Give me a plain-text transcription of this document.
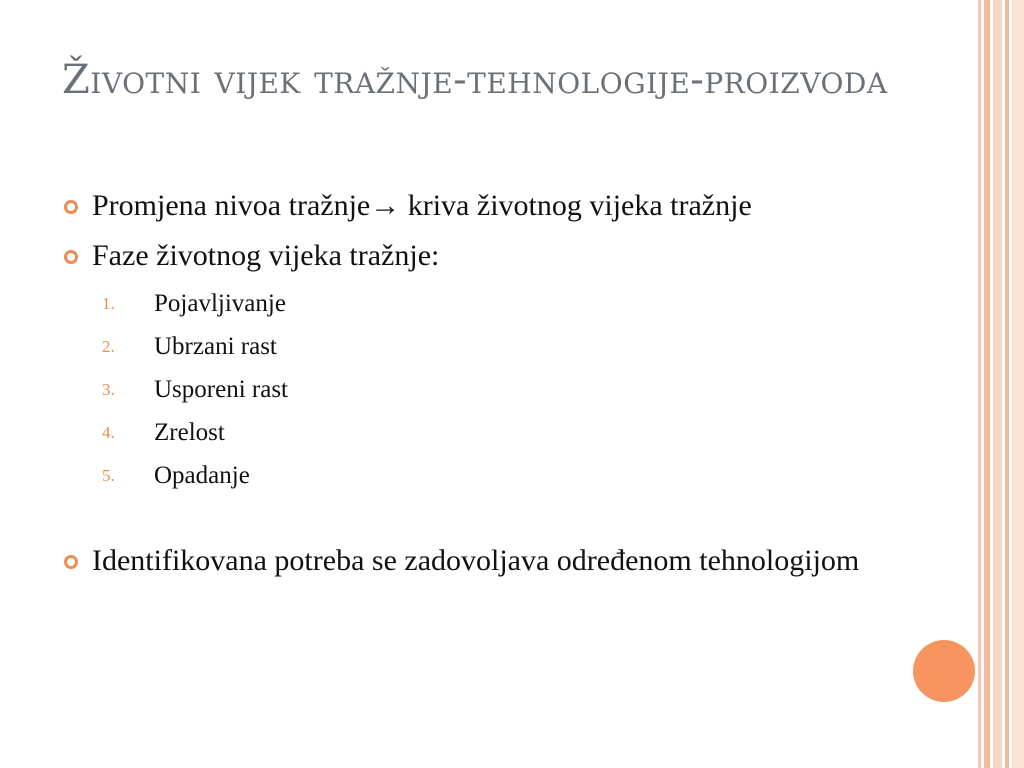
Životni vijek tražnje-tehnologije-proizvoda
Promjena nivoa tražnje→ kriva životnog vijeka tražnje
Faze životnog vijeka tražnje:
1.	Pojavljivanje
2.	Ubrzani rast
3.	Usporeni rast
4.	Zrelost
5.	Opadanje
Identifikovana potreba se zadovoljava određenom tehnologijom
